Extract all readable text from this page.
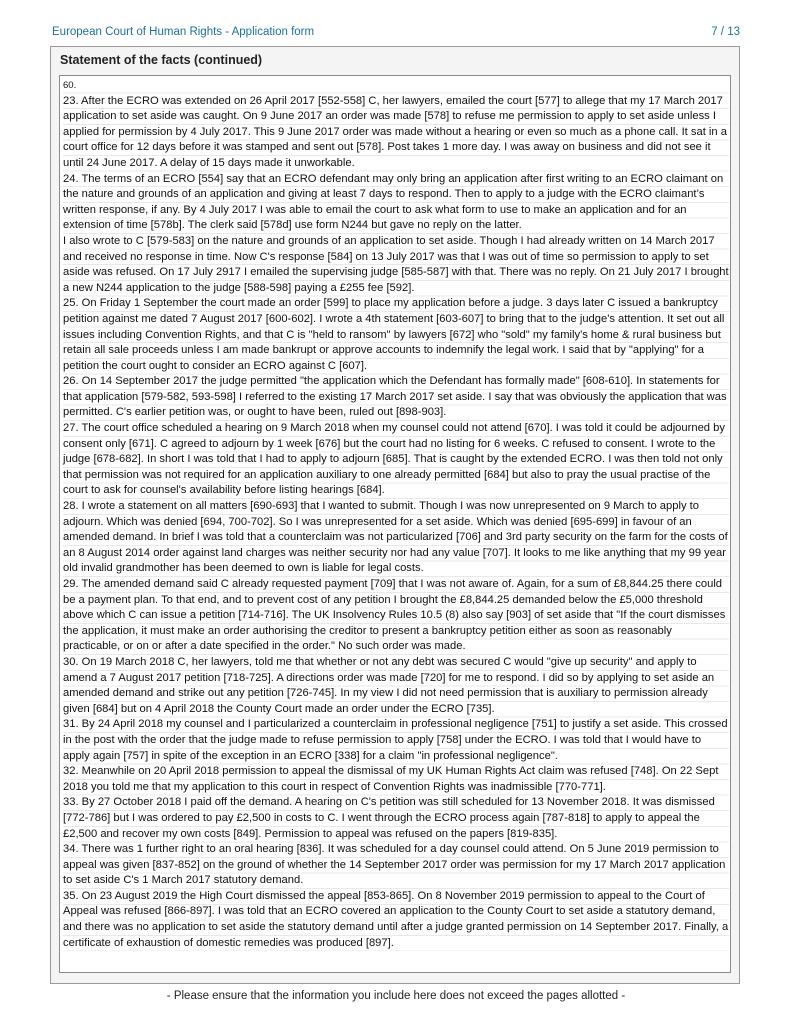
European Court of Human Rights - Application form	7 / 13
Statement of the facts (continued)

60.

23. After the ECRO was extended on 26 April 2017 [552-558] C, her lawyers, emailed the court [577] to allege that my 17 March 2017 application to set aside was caught. On 9 June 2017 an order was made [578] to refuse me permission to apply to set aside unless I applied for permission by 4 July 2017. This 9 June 2017 order was made without a hearing or even so much as a phone call. It sat in a court office for 12 days before it was stamped and sent out [578]. Post takes 1 more day. I was away on business and did not see it until 24 June 2017. A delay of 15 days made it unworkable.

24. The terms of an ECRO [554] say that an ECRO defendant may only bring an application after first writing to an ECRO claimant on the nature and grounds of an application and giving at least 7 days to respond. Then to apply to a judge with the ECRO claimant’s written response, if any. By 4 July 2017 I was able to email the court to ask what form to use to make an application and for an extension of time [578b]. The clerk said [578d] use form N244 but gave no reply on the latter.

I also wrote to C [579-583] on the nature and grounds of an application to set aside. Though I had already written on 14 March 2017 and received no response in time. Now C's response [584] on 13 July 2017 was that I was out of time so permission to apply to set aside was refused. On 17 July 2917 I emailed the supervising judge [585-587] with that. There was no reply. On 21 July 2017 I brought a new N244 application to the judge [588-598] paying a £255 fee [592].

25. On Friday 1 September the court made an order [599] to place my application before a judge. 3 days later C issued a bankruptcy petition against me dated 7 August 2017 [600-602]. I wrote a 4th statement [603-607] to bring that to the judge's attention. It set out all issues including Convention Rights, and that C is "held to ransom" by lawyers [672] who "sold" my family's home & rural business but retain all sale proceeds unless I am made bankrupt or approve accounts to indemnify the legal work. I said that by "applying" for a petition the court ought to consider an ECRO against C [607].

26. On 14 September 2017 the judge permitted "the application which the Defendant has formally made" [608-610]. In statements for that application [579-582, 593-598] I referred to the existing 17 March 2017 set aside. I say that was obviously the application that was permitted. C's earlier petition was, or ought to have been, ruled out [898-903].

27. The court office scheduled a hearing on 9 March 2018 when my counsel could not attend [670]. I was told it could be adjourned by consent only [671]. C agreed to adjourn by 1 week [676] but the court had no listing for 6 weeks. C refused to consent. I wrote to the judge [678-682]. In short I was told that I had to apply to adjourn [685]. That is caught by the extended ECRO. I was then told not only that permission was not required for an application auxiliary to one already permitted [684] but also to pray the usual practise of the court to ask for counsel's availability before listing hearings [684].

28. I wrote a statement on all matters [690-693] that I wanted to submit. Though I was now unrepresented on 9 March to apply to adjourn. Which was denied [694, 700-702]. So I was unrepresented for a set aside. Which was denied [695-699] in favour of an amended demand. In brief I was told that a counterclaim was not particularized [706] and 3rd party security on the farm for the costs of an 8 August 2014 order against land charges was neither security nor had any value [707]. It looks to me like anything that my 99 year old invalid grandmother has been deemed to own is liable for legal costs.

29. The amended demand said C already requested payment [709] that I was not aware of. Again, for a sum of £8,844.25 there could be a payment plan. To that end, and to prevent cost of any petition I brought the £8,844.25 demanded below the £5,000 threshold above which C can issue a petition [714-716]. The UK Insolvency Rules 10.5 (8) also say [903] of set aside that "If the court dismisses the application, it must make an order authorising the creditor to present a bankruptcy petition either as soon as reasonably practicable, or on or after a date specified in the order." No such order was made.

30. On 19 March 2018 C, her lawyers, told me that whether or not any debt was secured C would "give up security" and apply to amend a 7 August 2017 petition [718-725]. A directions order was made [720] for me to respond. I did so by applying to set aside an amended demand and strike out any petition [726-745]. In my view I did not need permission that is auxiliary to permission already given [684] but on 4 April 2018 the County Court made an order under the ECRO [735].

31. By 24 April 2018 my counsel and I particularized a counterclaim in professional negligence [751] to justify a set aside. This crossed in the post with the order that the judge made to refuse permission to apply [758] under the ECRO. I was told that I would have to apply again [757] in spite of the exception in an ECRO [338] for a claim "in professional negligence".

32. Meanwhile on 20 April 2018 permission to appeal the dismissal of my UK Human Rights Act claim was refused [748]. On 22 Sept 2018 you told me that my application to this court in respect of Convention Rights was inadmissible [770-771].

33. By 27 October 2018 I paid off the demand. A hearing on C's petition was still scheduled for 13 November 2018. It was dismissed [772-786] but I was ordered to pay £2,500 in costs to C. I went through the ECRO process again [787-818] to apply to appeal the £2,500 and recover my own costs [849]. Permission to appeal was refused on the papers [819-835].

34. There was 1 further right to an oral hearing [836]. It was scheduled for a day counsel could attend. On 5 June 2019 permission to appeal was given [837-852] on the ground of whether the 14 September 2017 order was permission for my 17 March 2017 application to set aside C's 1 March 2017 statutory demand.

35. On 23 August 2019 the High Court dismissed the appeal [853-865]. On 8 November 2019 permission to appeal to the Court of Appeal was refused [866-897]. I was told that an ECRO covered an application to the County Court to set aside a statutory demand, and there was no application to set aside the statutory demand until after a judge granted permission on 14 September 2017. Finally, a certificate of exhaustion of domestic remedies was produced [897].

- Please ensure that the information you include here does not exceed the pages allotted -
